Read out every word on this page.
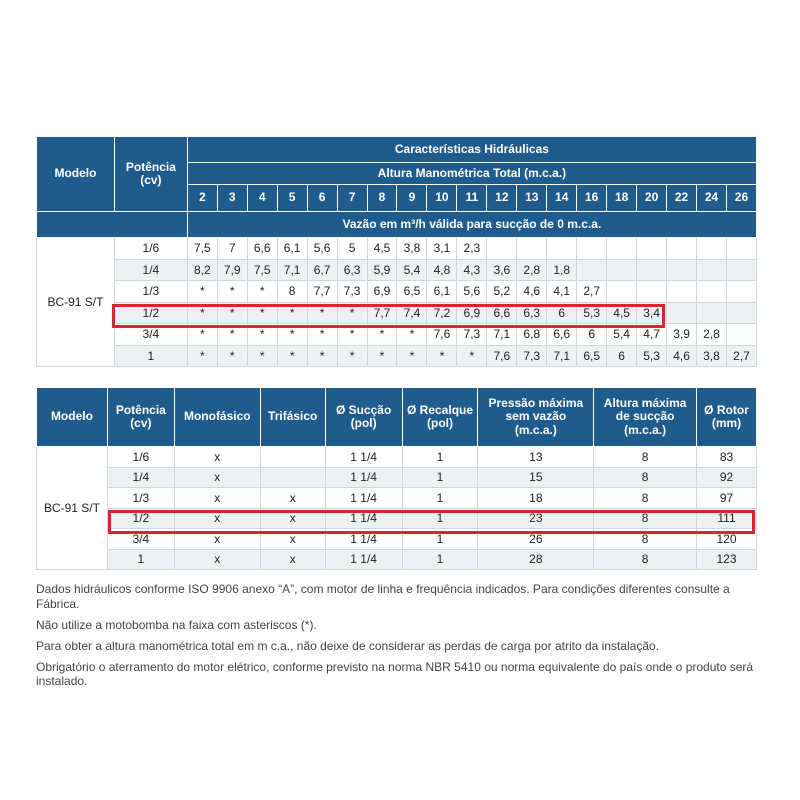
Modelo	Potência
(cv)	Características Hidráulicas																		
		Altura Manométrica Total (m.c.a.)																		
		2	3	4	5	6	7	8	9	10	11	12	13	14	16	18	20	22	24	26
		Vazão em m³/h válida para sucção de 0 m.c.a.																		
BC-91 S/T	1/6	7,5	7	6,6	6,1	5,6	5	4,5	3,8	3,1	2,3									
	1/4	8,2	7,9	7,5	7,1	6,7	6,3	5,9	5,4	4,8	4,3	3,6	2,8	1,8						
	1/3	*	*	*	8	7,7	7,3	6,9	6,5	6,1	5,6	5,2	4,6	4,1	2,7					
	1/2	*	*	*	*	*	*	7,7	7,4	7,2	6,9	6,6	6,3	6	5,3	4,5	3,4			
	3/4	*	*	*	*	*	*	*	*	7,6	7,3	7,1	6,8	6,6	6	5,4	4,7	3,9	2,8	
	1	*	*	*	*	*	*	*	*	*	*	7,6	7,3	7,1	6,5	6	5,3	4,6	3,8	2,7
Modelo	Potência
(cv)	Monofásico	Trifásico	Ø Sucção
(pol)	Ø Recalque
(pol)	Pressão máxima
sem vazão
(m.c.a.)	Altura máxima
de sucção
(m.c.a.)	Ø Rotor
(mm)
BC-91 S/T	1/6	x		1 1/4	1	13	8	83
	1/4	x		1 1/4	1	15	8	92
	1/3	x	x	1 1/4	1	18	8	97
	1/2	x	x	1 1/4	1	23	8	111
	3/4	x	x	1 1/4	1	26	8	120
	1	x	x	1 1/4	1	28	8	123

Dados hidráulicos conforme ISO 9906 anexo “A”, com motor de linha e frequência indicados. Para condições diferentes consulte a Fábrica.

Não utilize a motobomba na faixa com asteriscos (*).

Para obter a altura manométrica total em m c.a., não deixe de considerar as perdas de carga por atrito da instalação.

Obrigatório o aterramento do motor elétrico, conforme previsto na norma NBR 5410 ou norma equivalente do país onde o produto será instalado.
